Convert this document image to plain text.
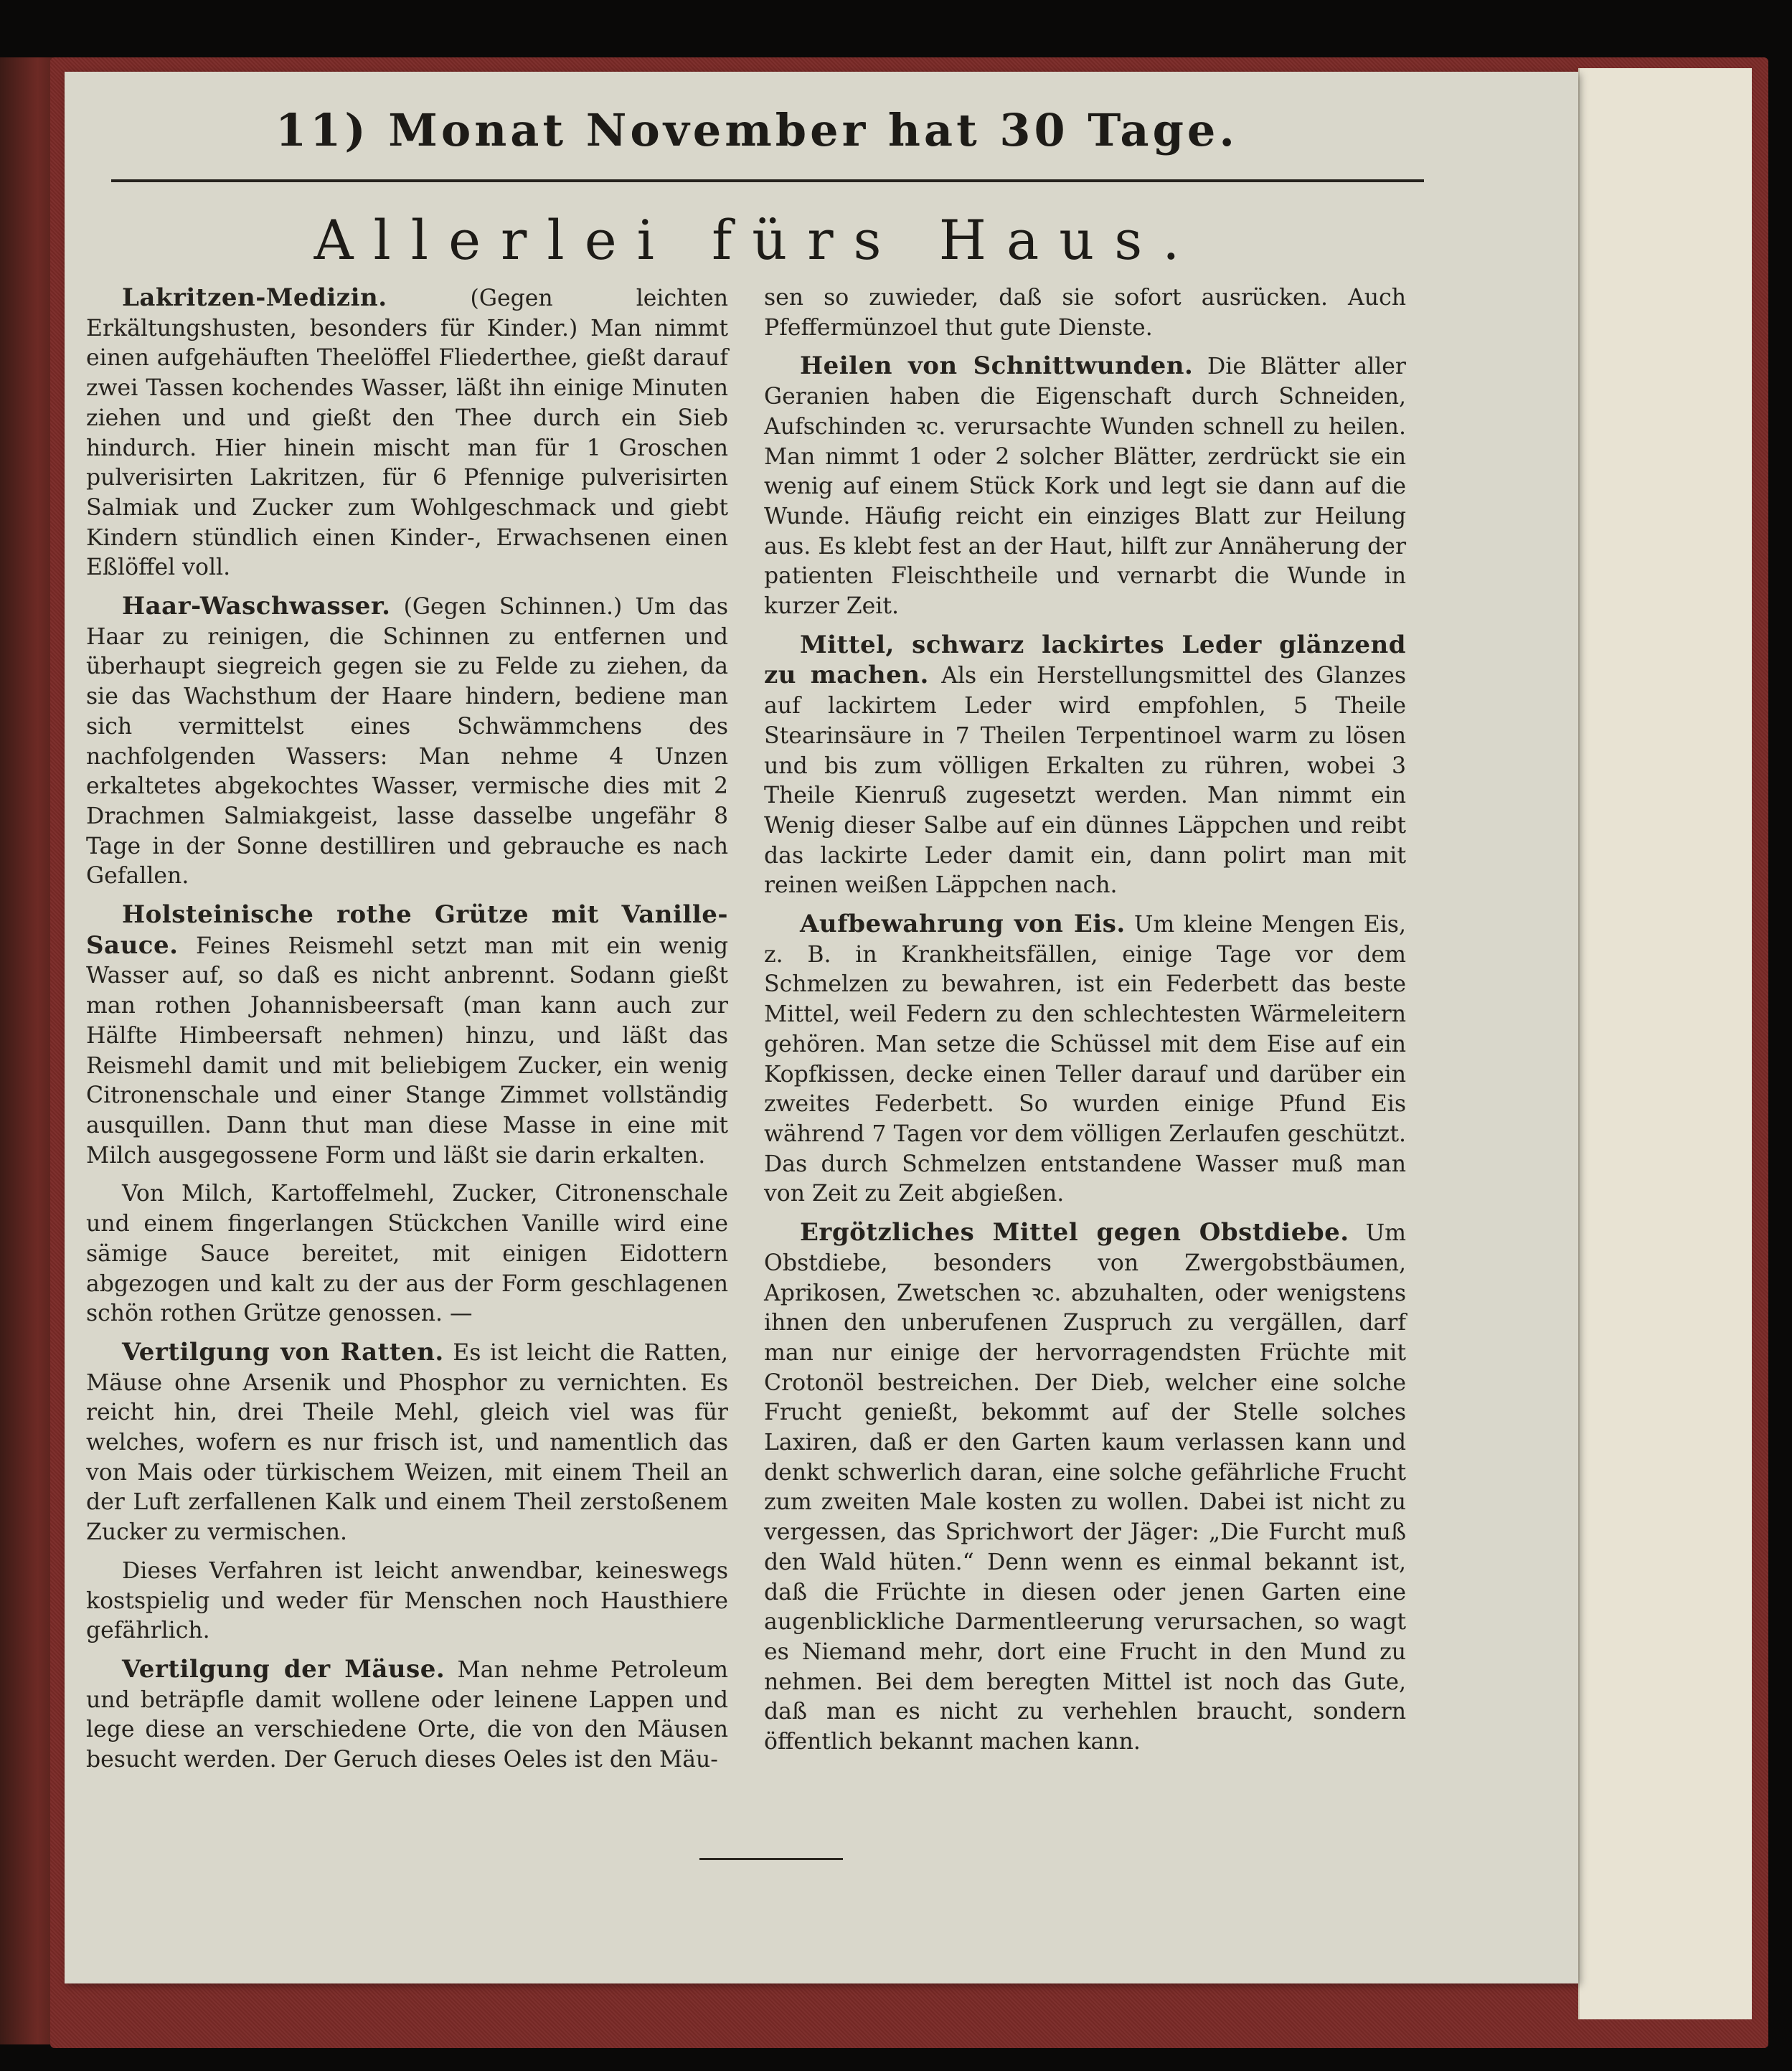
11) Monat November hat 30 Tage.
Allerlei fürs Haus.

Lakritzen-Medizin.	(Gegen leichten Erkältungshusten, besonders für Kinder.) Man nimmt einen aufgehäuften Theelöffel Fliederthee, gießt darauf zwei Tassen kochendes Wasser, läßt ihn einige Minuten ziehen und und gießt den Thee durch ein Sieb hindurch. Hier hinein mischt man für 1 Groschen pulverisirten Lakritzen, für 6 Pfennige pulverisirten Salmiak und Zucker zum Wohlgeschmack und giebt Kindern stündlich einen Kinder-, Erwachsenen einen Eßlöffel voll.

Haar-Waschwasser. (Gegen Schinnen.) Um das Haar zu reinigen, die Schinnen zu entfernen und überhaupt siegreich gegen sie zu Felde zu ziehen, da sie das Wachsthum der Haare hindern, bediene man sich vermittelst eines Schwämmchens des nachfolgenden Wassers: Man nehme 4 Unzen erkaltetes abgekochtes Wasser, vermische dies mit 2 Drachmen Salmiakgeist, lasse dasselbe ungefähr 8 Tage in der Sonne destilliren und gebrauche es nach Gefallen.

Holsteinische rothe Grütze mit Vanille-Sauce. Feines Reismehl setzt man mit ein wenig Wasser auf, so daß es nicht anbrennt. Sodann gießt man rothen Johannisbeersaft (man kann auch zur Hälfte Himbeersaft nehmen) hinzu, und läßt das Reismehl damit und mit beliebigem Zucker, ein wenig Citronenschale und einer Stange Zimmet vollständig ausquillen. Dann thut man diese Masse in eine mit Milch ausgegossene Form und läßt sie darin erkalten.

Von Milch, Kartoffelmehl, Zucker, Citronenschale und einem fingerlangen Stückchen Vanille wird eine sämige Sauce bereitet, mit einigen Eidottern abgezogen und kalt zu der aus der Form geschlagenen schön rothen Grütze genossen. —

Vertilgung von Ratten. Es ist leicht die Ratten, Mäuse ohne Arsenik und Phosphor zu vernichten. Es reicht hin, drei Theile Mehl, gleich viel was für welches, wofern es nur frisch ist, und namentlich das von Mais oder türkischem Weizen, mit einem Theil an der Luft zerfallenen Kalk und einem Theil zerstoßenem Zucker zu vermischen.

Dieses Verfahren ist leicht anwendbar, keineswegs kostspielig und weder für Menschen noch Hausthiere gefährlich.

Vertilgung der Mäuse. Man nehme Petroleum und beträpfle damit wollene oder leinene Lappen und lege diese an verschiedene Orte, die von den Mäusen besucht werden. Der Geruch dieses Oeles ist den Mäu-

sen so zuwieder, daß sie sofort ausrücken. Auch Pfeffermünzoel thut gute Dienste.

Heilen von Schnittwunden. Die Blätter aller Geranien haben die Eigenschaft durch Schneiden, Aufschinden ꝛc. verursachte Wunden schnell zu heilen. Man nimmt 1 oder 2 solcher Blätter, zerdrückt sie ein wenig auf einem Stück Kork und legt sie dann auf die Wunde. Häufig reicht ein einziges Blatt zur Heilung aus. Es klebt fest an der Haut, hilft zur Annäherung der patienten Fleischtheile und vernarbt die Wunde in kurzer Zeit.

Mittel, schwarz lackirtes Leder glänzend zu machen. Als ein Herstellungsmittel des Glanzes auf lackirtem Leder wird empfohlen, 5 Theile Stearinsäure in 7 Theilen Terpentinoel warm zu lösen und bis zum völligen Erkalten zu rühren, wobei 3 Theile Kienruß zugesetzt werden. Man nimmt ein Wenig dieser Salbe auf ein dünnes Läppchen und reibt das lackirte Leder damit ein, dann polirt man mit reinen weißen Läppchen nach.

Aufbewahrung von Eis. Um kleine Mengen Eis, z. B. in Krankheitsfällen, einige Tage vor dem Schmelzen zu bewahren, ist ein Federbett das beste Mittel, weil Federn zu den schlechtesten Wärmeleitern gehören. Man setze die Schüssel mit dem Eise auf ein Kopfkissen, decke einen Teller darauf und darüber ein zweites Federbett. So wurden einige Pfund Eis während 7 Tagen vor dem völligen Zerlaufen geschützt. Das durch Schmelzen entstandene Wasser muß man von Zeit zu Zeit abgießen.

Ergötzliches Mittel gegen Obstdiebe. Um Obstdiebe, besonders von Zwergobstbäumen, Aprikosen, Zwetschen ꝛc. abzuhalten, oder wenigstens ihnen den unberufenen Zuspruch zu vergällen, darf man nur einige der hervorragendsten Früchte mit Crotonöl bestreichen. Der Dieb, welcher eine solche Frucht genießt, bekommt auf der Stelle solches Laxiren, daß er den Garten kaum verlassen kann und denkt schwerlich daran, eine solche gefährliche Frucht zum zweiten Male kosten zu wollen. Dabei ist nicht zu vergessen, das Sprichwort der Jäger: „Die Furcht muß den Wald hüten.“ Denn wenn es einmal bekannt ist, daß die Früchte in diesen oder jenen Garten eine augenblickliche Darmentleerung verursachen, so wagt es Niemand mehr, dort eine Frucht in den Mund zu nehmen. Bei dem beregten Mittel ist noch das Gute, daß man es nicht zu verhehlen braucht, sondern öffentlich bekannt machen kann.
